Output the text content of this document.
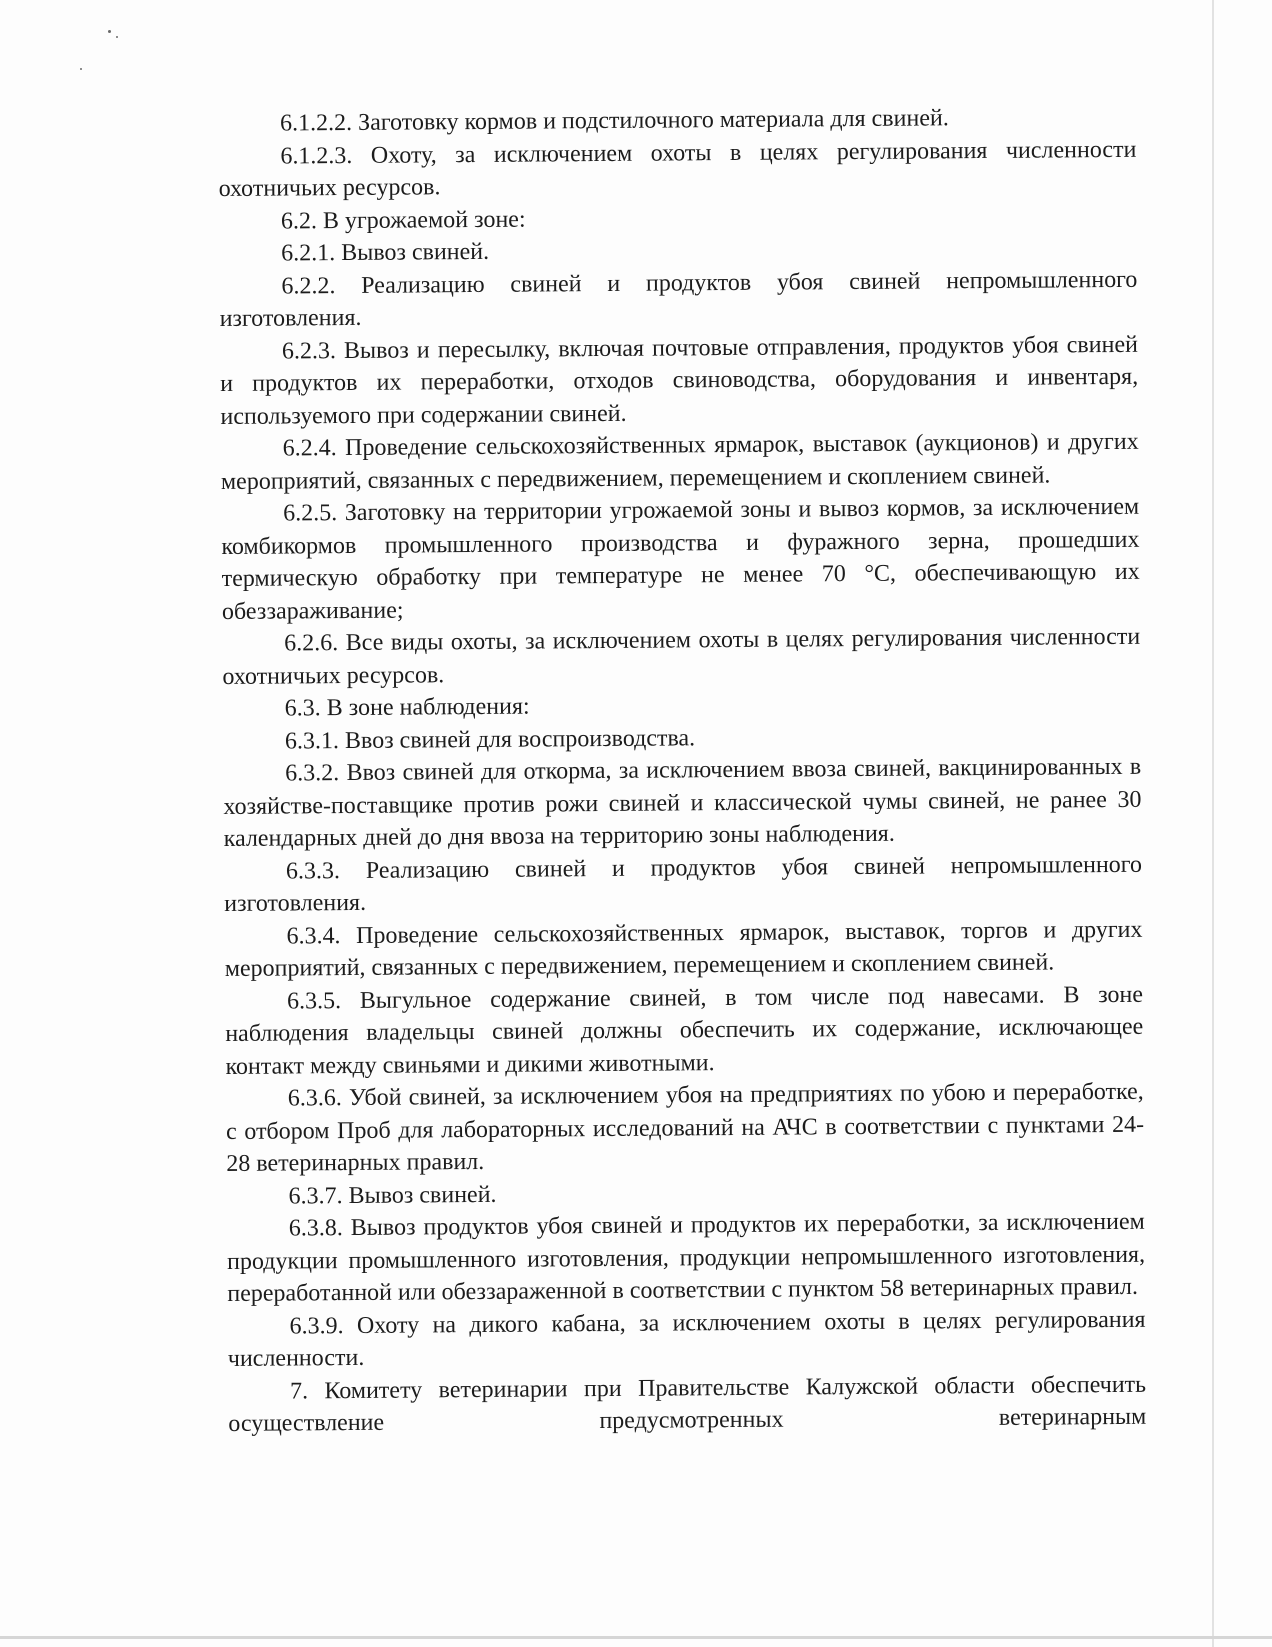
6.1.2.2. Заготовку кормов и подстилочного материала для свиней.

6.1.2.3. Охоту, за исключением охоты в целях регулирования численности охотничьих ресурсов.

6.2. В угрожаемой зоне:

6.2.1. Вывоз свиней.

6.2.2. Реализацию свиней и продуктов убоя свиней непромышленного изготовления.

6.2.3. Вывоз и пересылку, включая почтовые отправления, продуктов убоя свиней и продуктов их переработки, отходов свиноводства, оборудования и инвентаря, используемого при содержании свиней.

6.2.4. Проведение сельскохозяйственных ярмарок, выставок (аукционов) и других мероприятий, связанных с передвижением, перемещением и скоплением свиней.

6.2.5. Заготовку на территории угрожаемой зоны и вывоз кормов, за исключением комбикормов промышленного производства и фуражного зерна, прошедших термическую обработку при температуре не менее 70 °С, обеспечивающую их обеззараживание;

6.2.6. Все виды охоты, за исключением охоты в целях регулирования численности охотничьих ресурсов.

6.3. В зоне наблюдения:

6.3.1. Ввоз свиней для воспроизводства.

6.3.2. Ввоз свиней для откорма, за исключением ввоза свиней, вакцинированных в хозяйстве-поставщике против рожи свиней и классической чумы свиней, не ранее 30 календарных дней до дня ввоза на территорию зоны наблюдения.

6.3.3. Реализацию свиней и продуктов убоя свиней непромышленного изготовления.

6.3.4. Проведение сельскохозяйственных ярмарок, выставок, торгов и других мероприятий, связанных с передвижением, перемещением и скоплением свиней.

6.3.5. Выгульное содержание свиней, в том числе под навесами. В зоне наблюдения владельцы свиней должны обеспечить их содержание, исключающее контакт между свиньями и дикими животными.

6.3.6. Убой свиней, за исключением убоя на предприятиях по убою и переработке, с отбором Проб для лабораторных исследований на АЧС в соответствии с пунктами 24-28 ветеринарных правил.

6.3.7. Вывоз свиней.

6.3.8. Вывоз продуктов убоя свиней и продуктов их переработки, за исключением продукции промышленного изготовления, продукции непромышленного изготовления, переработанной или обеззараженной в соответствии с пунктом 58 ветеринарных правил.

6.3.9. Охоту на дикого кабана, за исключением охоты в целях регулирования численности.

7. Комитету ветеринарии при Правительстве Калужской области обеспечить осуществление предусмотренных ветеринарным
